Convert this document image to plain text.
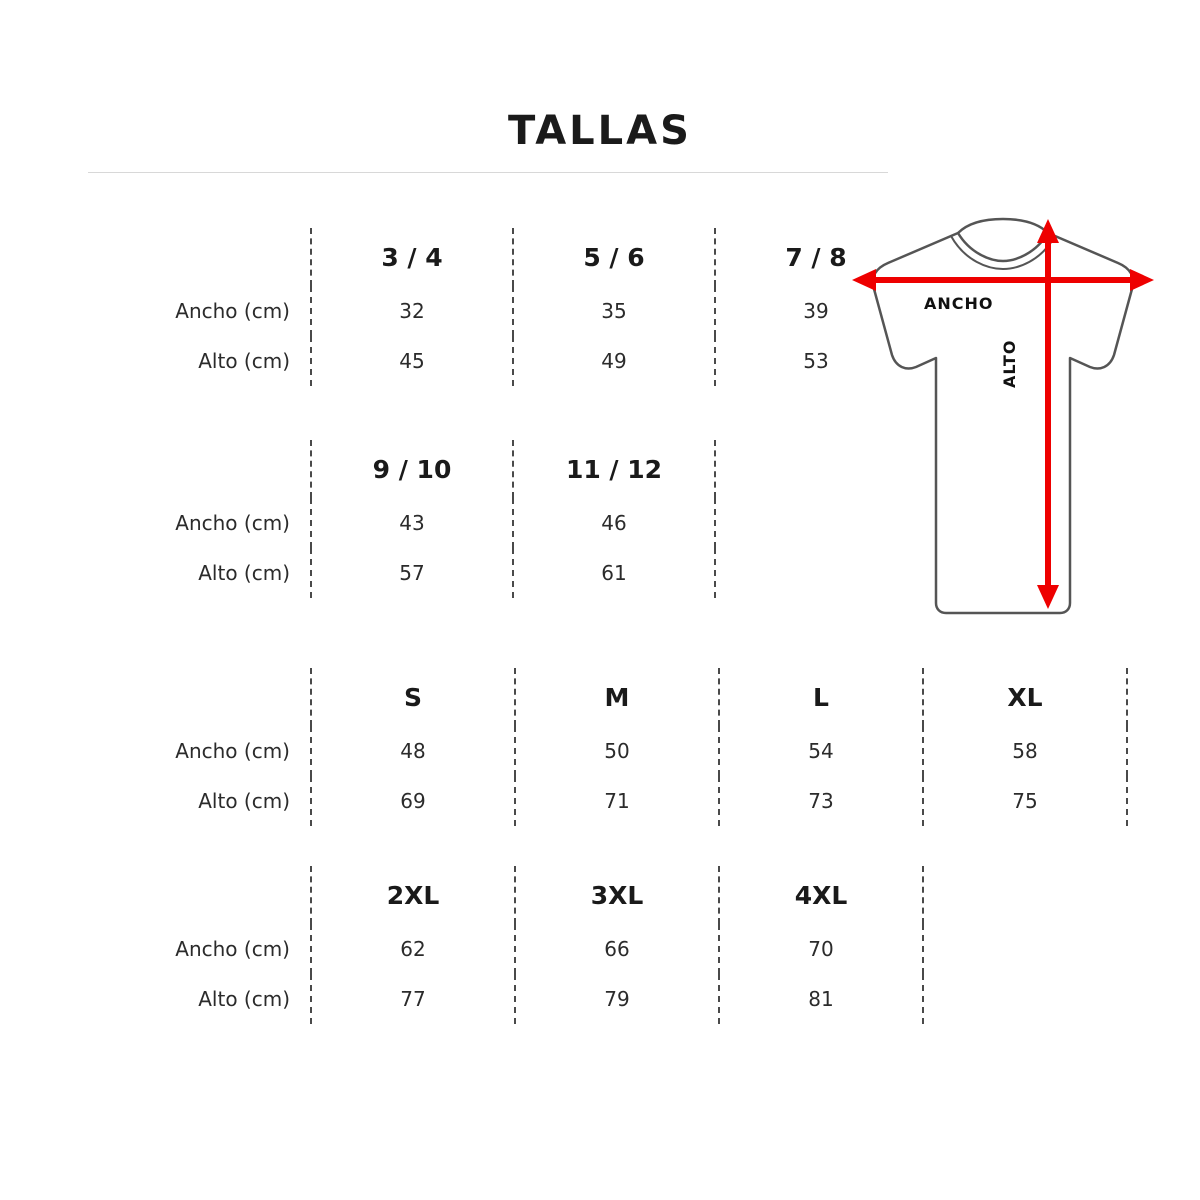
TALLAS
	3 / 4	5 / 6	7 / 8
Ancho (cm)	32	35	39
Alto (cm)	45	49	53
	9 / 10	11 / 12	
Ancho (cm)	43	46	
Alto (cm)	57	61	
	S	M	L	XL	
Ancho (cm)	48	50	54	58	
Alto (cm)	69	71	73	75	
	2XL	3XL	4XL	
Ancho (cm)	62	66	70	
Alto (cm)	77	79	81	
ANCHO
ALTO
